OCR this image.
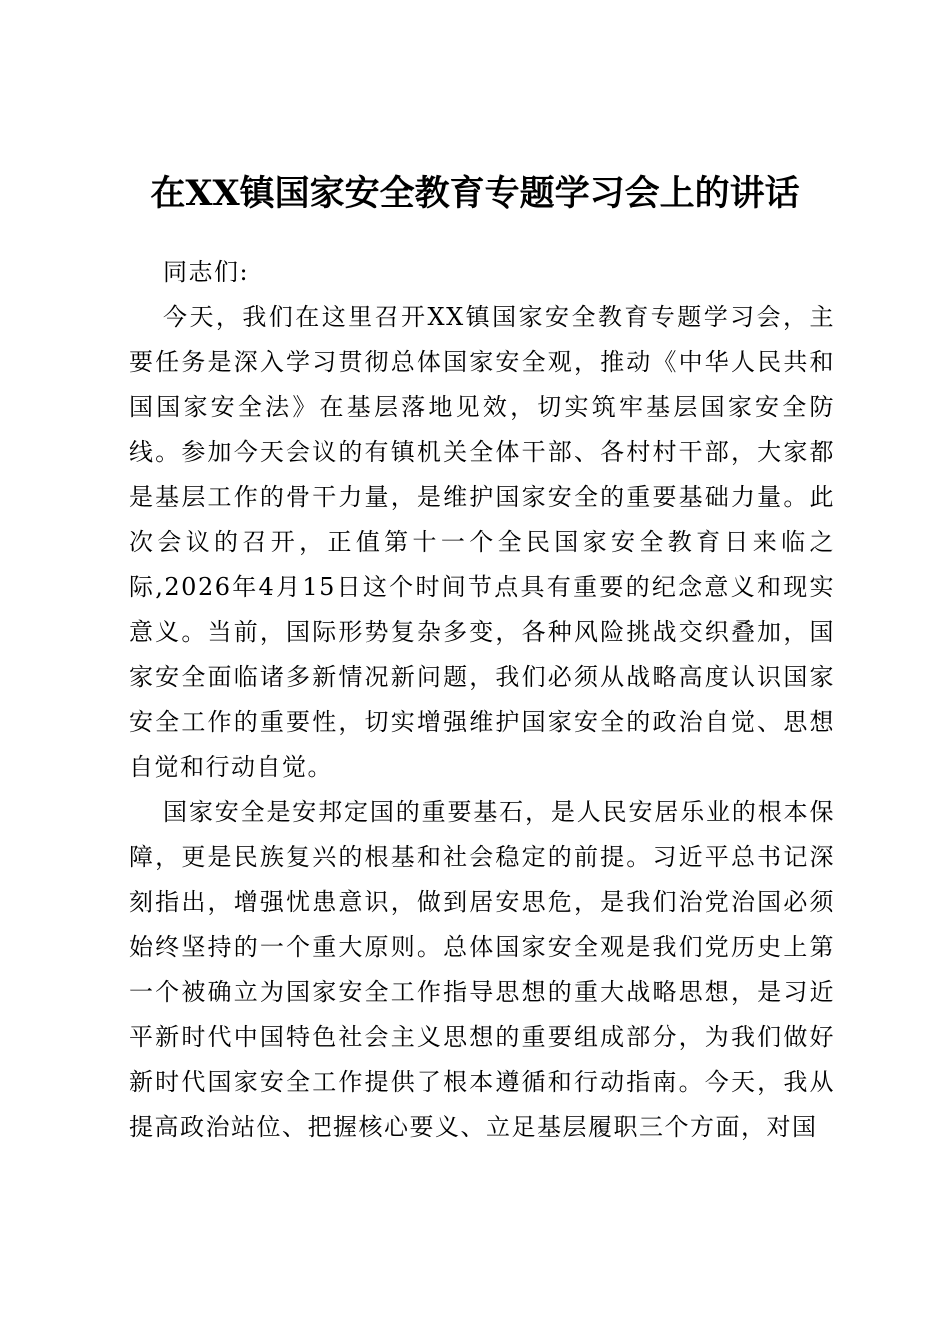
在XX镇国家安全教育专题学习会上的讲话

同志们:

今天，我们在这里召开XX镇国家安全教育专题学习会，主要任务是深入学习贯彻总体国家安全观，推动《中华人民共和国国家安全法》在基层落地见效，切实筑牢基层国家安全防线。参加今天会议的有镇机关全体干部、各村村干部，大家都是基层工作的骨干力量，是维护国家安全的重要基础力量。此次会议的召开，正值第十一个全民国家安全教育日来临之际,2026年4月15日这个时间节点具有重要的纪念意义和现实意义。当前，国际形势复杂多变，各种风险挑战交织叠加，国家安全面临诸多新情况新问题，我们必须从战略高度认识国家安全工作的重要性，切实增强维护国家安全的政治自觉、思想自觉和行动自觉。

国家安全是安邦定国的重要基石，是人民安居乐业的根本保障，更是民族复兴的根基和社会稳定的前提。习近平总书记深刻指出，增强忧患意识，做到居安思危，是我们治党治国必须始终坚持的一个重大原则。总体国家安全观是我们党历史上第一个被确立为国家安全工作指导思想的重大战略思想，是习近平新时代中国特色社会主义思想的重要组成部分，为我们做好新时代国家安全工作提供了根本遵循和行动指南。今天，我从提高政治站位、把握核心要义、立足基层履职三个方面，对国
